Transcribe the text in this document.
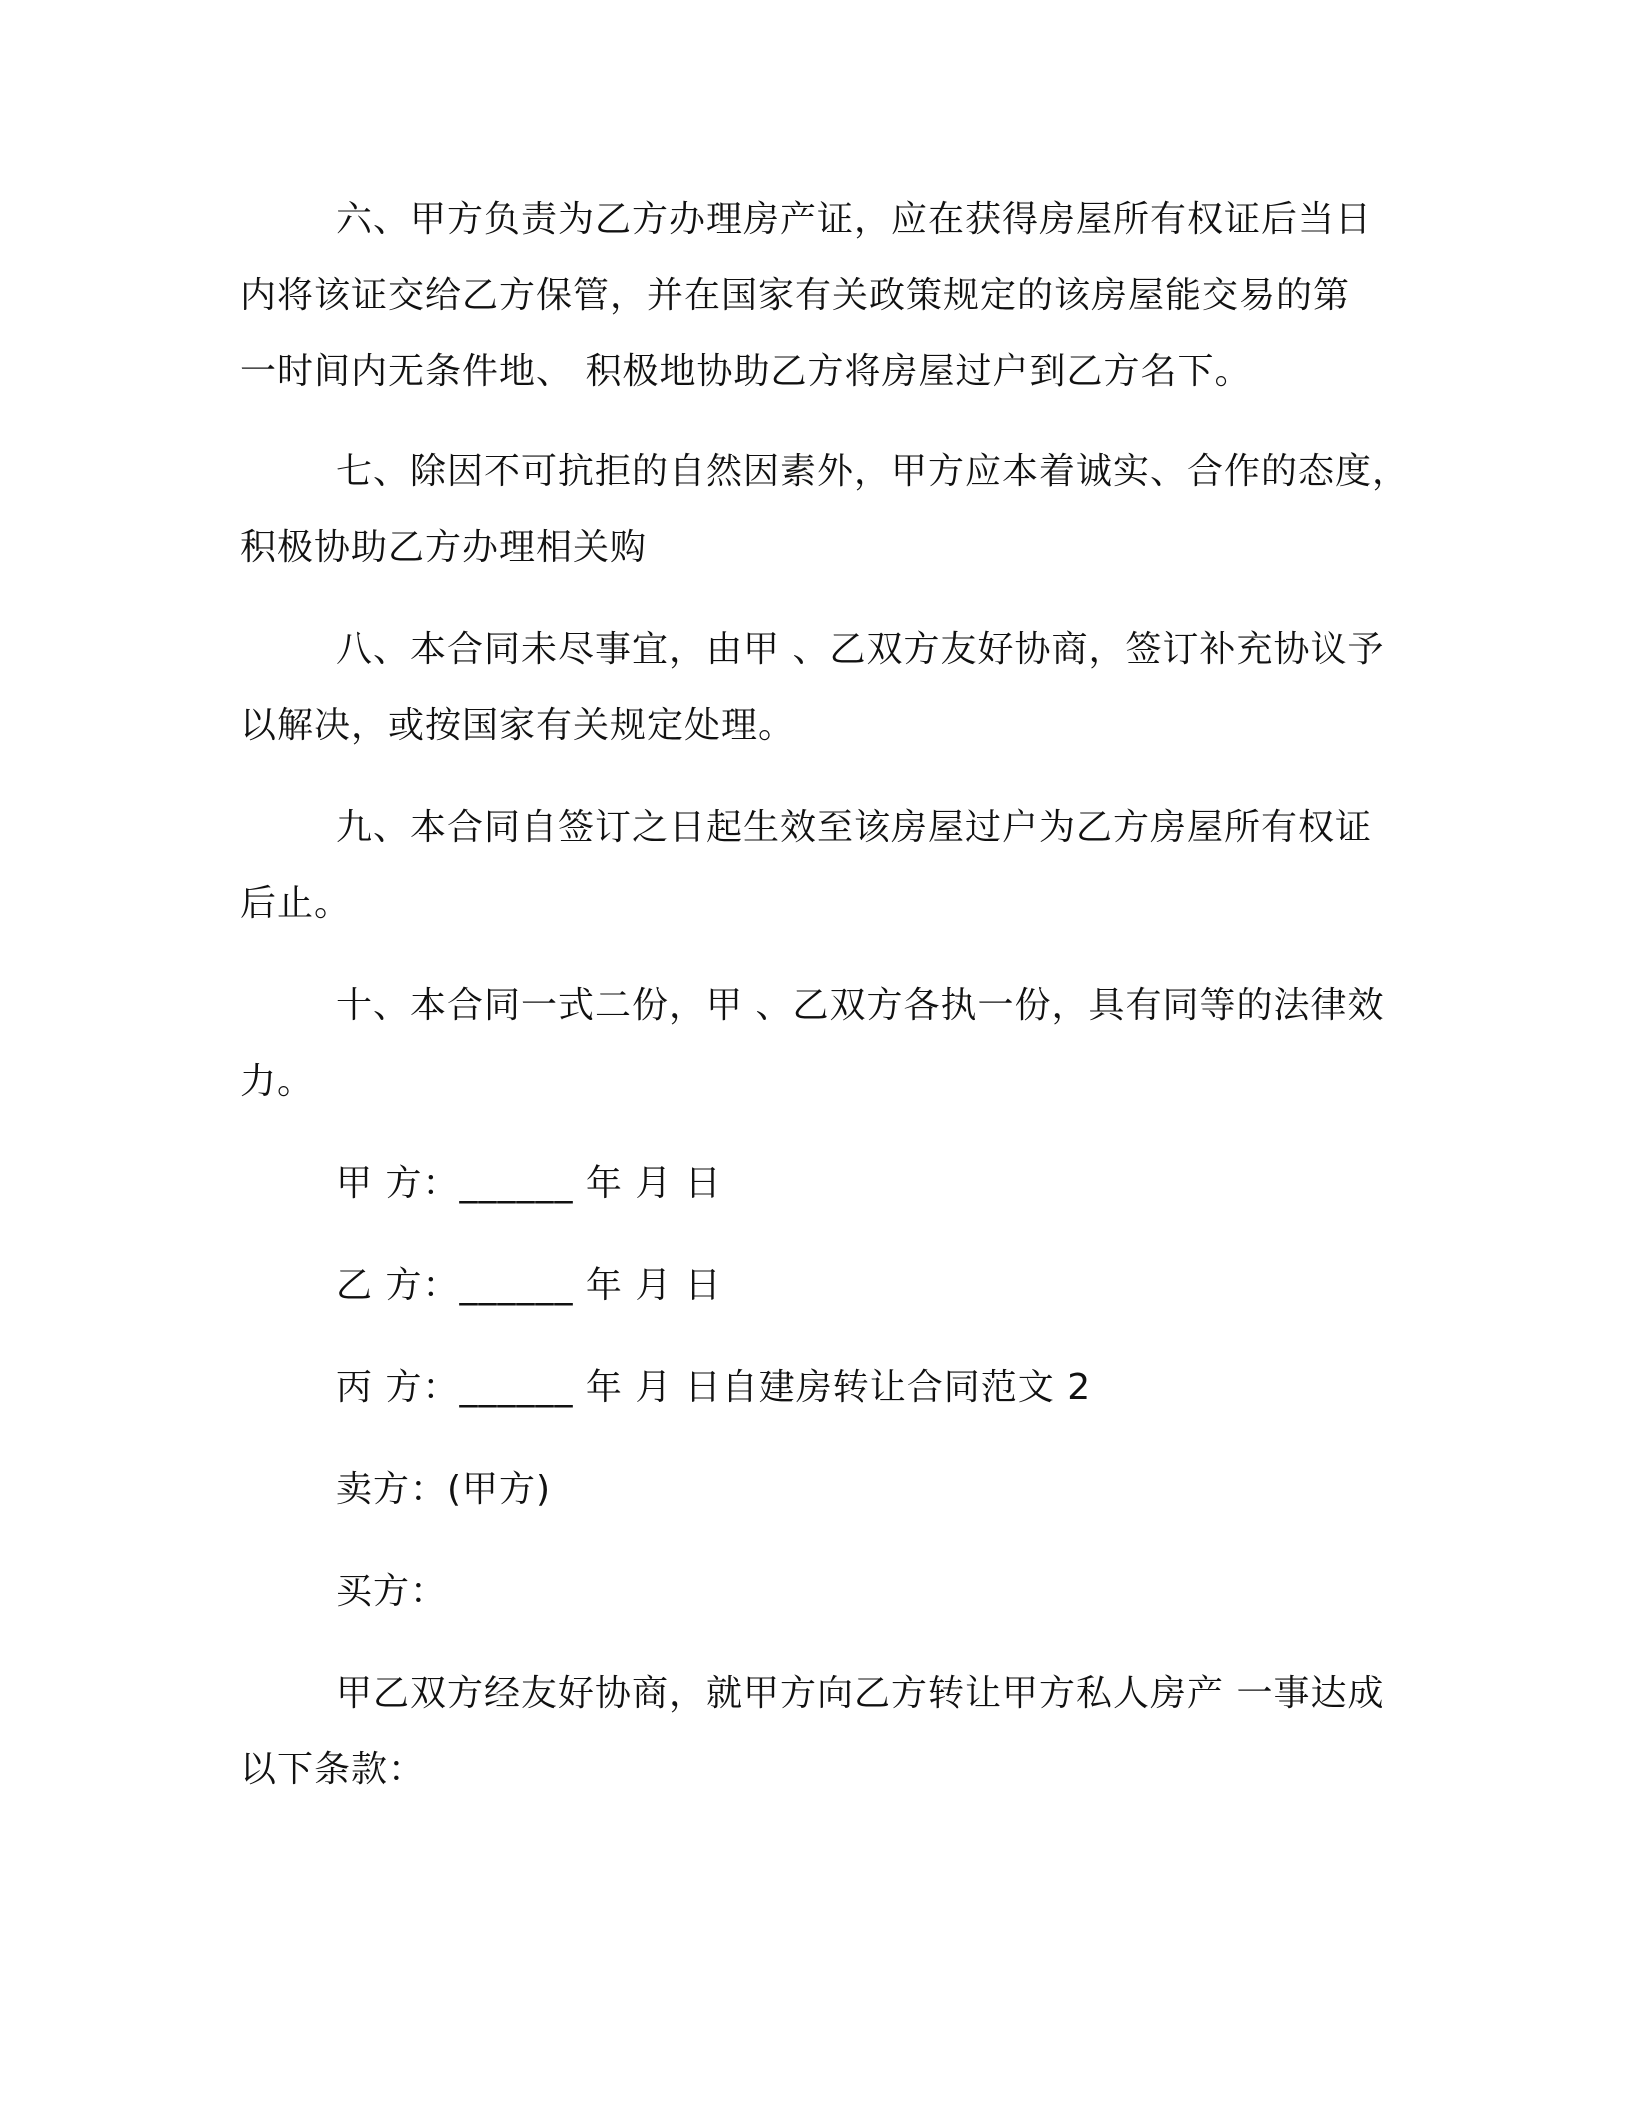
六、甲方负责为乙方办理房产证，应在获得房屋所有权证后当日
内将该证交给乙方保管，并在国家有关政策规定的该房屋能交易的第
一时间内无条件地、 积极地协助乙方将房屋过户到乙方名下。
七、除因不可抗拒的自然因素外，甲方应本着诚实、合作的态度，
积极协助乙方办理相关购
八、本合同未尽事宜，由甲 、乙双方友好协商，签订补充协议予
以解决，或按国家有关规定处理。
九、本合同自签订之日起生效至该房屋过户为乙方房屋所有权证
后止。
十、本合同一式二份，甲 、乙双方各执一份，具有同等的法律效
力。
甲 方：______ 年 月 日
乙 方：______ 年 月 日
丙 方：______ 年 月 日自建房转让合同范文 2
卖方：(甲方)
买方：
甲乙双方经友好协商，就甲方向乙方转让甲方私人房产 一事达成
以下条款：
